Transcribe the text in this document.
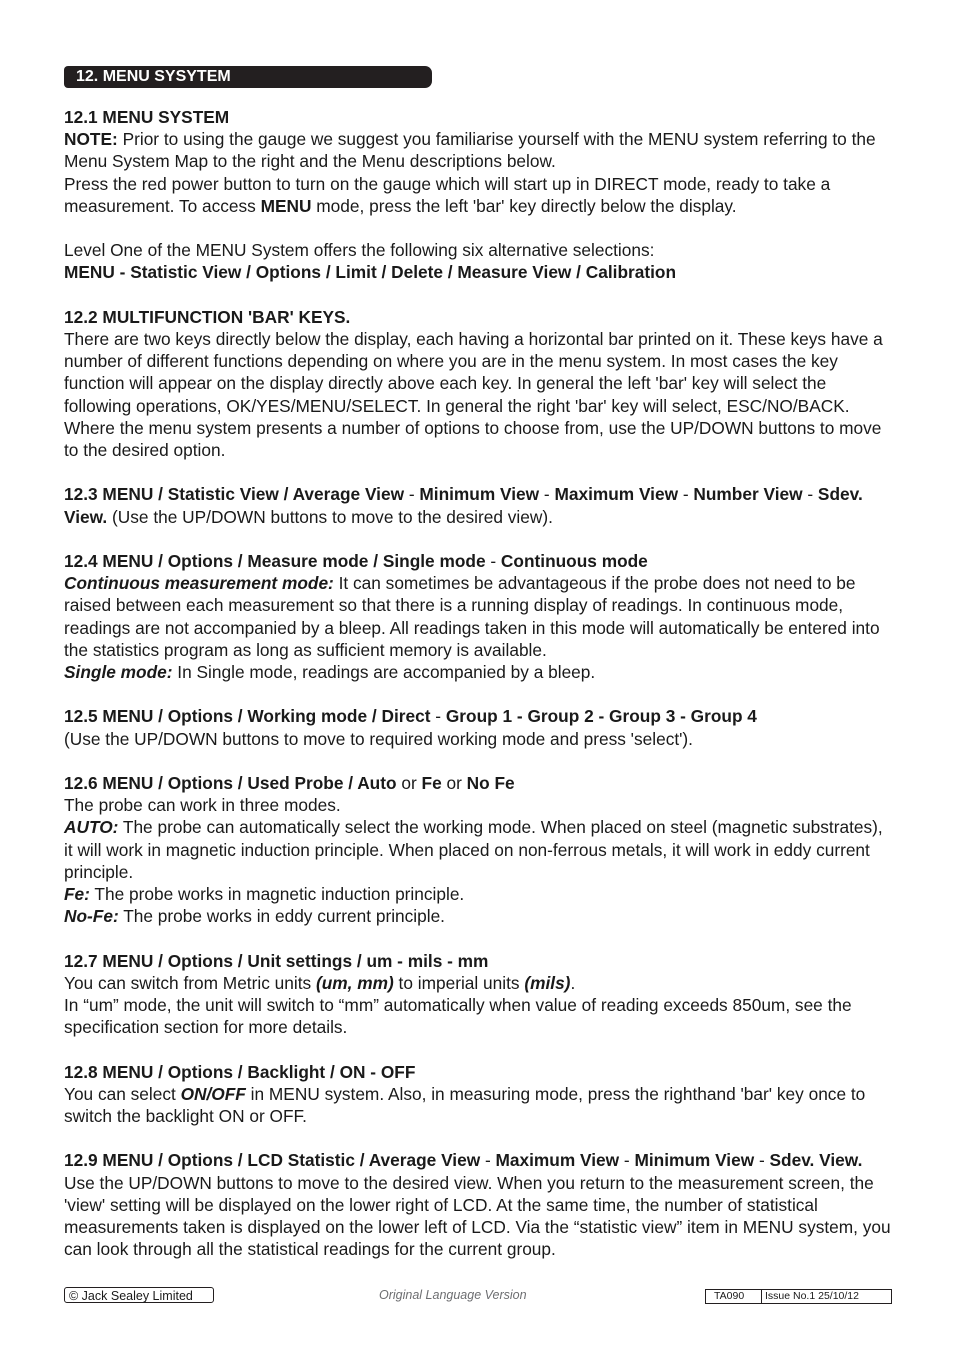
12. MENU SYSYTEM

12.1 MENU SYSTEM

NOTE: Prior to using the gauge we suggest you familiarise yourself with the MENU system referring to the Menu System Map to the right and the Menu descriptions below.

Press the red power button to turn on the gauge which will start up in DIRECT mode, ready to take a measurement. To access MENU mode, press the left 'bar' key directly below the display.

Level One of the MENU System offers the following six alternative selections:

MENU - Statistic View / Options / Limit / Delete / Measure View / Calibration

12.2 MULTIFUNCTION 'BAR' KEYS.

There are two keys directly below the display, each having a horizontal bar printed on it. These keys have a number of different functions depending on where you are in the menu system. In most cases the key function will appear on the display directly above each key. In general the left 'bar' key will select the following operations, OK/YES/MENU/SELECT. In general the right 'bar' key will select, ESC/NO/BACK. Where the menu system presents a number of options to choose from, use the UP/DOWN buttons to move to the desired option.

12.3 MENU / Statistic View / Average View - Minimum View - Maximum View - Number View - Sdev. View. (Use the UP/DOWN buttons to move to the desired view).

12.4 MENU / Options / Measure mode / Single mode - Continuous mode

Continuous measurement mode: It can sometimes be advantageous if the probe does not need to be raised between each measurement so that there is a running display of readings. In continuous mode, readings are not accompanied by a bleep. All readings taken in this mode will automatically be entered into the statistics program as long as sufficient memory is available.

Single mode: In Single mode, readings are accompanied by a bleep.

12.5 MENU / Options / Working mode / Direct - Group 1 - Group 2 - Group 3 - Group 4

(Use the UP/DOWN buttons to move to required working mode and press 'select').

12.6 MENU / Options / Used Probe / Auto or Fe or No Fe

The probe can work in three modes.

AUTO: The probe can automatically select the working mode. When placed on steel (magnetic substrates), it will work in magnetic induction principle. When placed on non-ferrous metals, it will work in eddy current principle.

Fe: The probe works in magnetic induction principle.

No-Fe: The probe works in eddy current principle.

12.7 MENU / Options / Unit settings / um - mils - mm

You can switch from Metric units (um, mm) to imperial units (mils).

In “um” mode, the unit will switch to “mm” automatically when value of reading exceeds 850um, see the specification section for more details.

12.8 MENU / Options / Backlight / ON - OFF

You can select ON/OFF in MENU system. Also, in measuring mode, press the righthand 'bar' key once to switch the backlight ON or OFF.

12.9 MENU / Options / LCD Statistic / Average View - Maximum View - Minimum View - Sdev. View.

Use the UP/DOWN buttons to move to the desired view. When you return to the measurement screen, the 'view' setting will be displayed on the lower right of LCD. At the same time, the number of statistical measurements taken is displayed on the lower left of LCD. Via the “statistic view” item in MENU system, you can look through all the statistical readings for the current group.

© Jack Sealey Limited	Original Language Version	TA090	Issue No.1 25/10/12
